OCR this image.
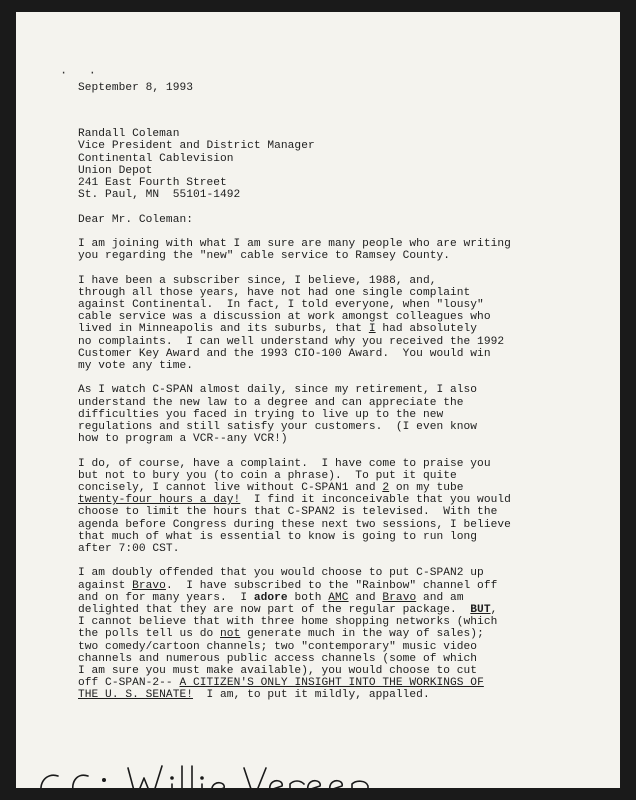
·   ·
September 8, 1993
Randall Coleman
Vice President and District Manager
Continental Cablevision
Union Depot
241 East Fourth Street
St. Paul, MN  55101-1492
Dear Mr. Coleman:
I am joining with what I am sure are many people who are writing
you regarding the "new" cable service to Ramsey County.
I have been a subscriber since, I believe, 1988, and,
through all those years, have not had one single complaint
against Continental.  In fact, I told everyone, when "lousy"
cable service was a discussion at work amongst colleagues who
lived in Minneapolis and its suburbs, that I had absolutely
no complaints.  I can well understand why you received the 1992
Customer Key Award and the 1993 CIO-100 Award.  You would win
my vote any time.
As I watch C-SPAN almost daily, since my retirement, I also
understand the new law to a degree and can appreciate the
difficulties you faced in trying to live up to the new
regulations and still satisfy your customers.  (I even know
how to program a VCR--any VCR!)
I do, of course, have a complaint.  I have come to praise you
but not to bury you (to coin a phrase).  To put it quite
concisely, I cannot live without C-SPAN1 and 2 on my tube
twenty-four hours a day!  I find it inconceivable that you would
choose to limit the hours that C-SPAN2 is televised.  With the
agenda before Congress during these next two sessions, I believe
that much of what is essential to know is going to run long
after 7:00 CST.
I am doubly offended that you would choose to put C-SPAN2 up
against Bravo.  I have subscribed to the "Rainbow" channel off
and on for many years.  I adore both AMC and Bravo and am
delighted that they are now part of the regular package.  BUT,
I cannot believe that with three home shopping networks (which
the polls tell us do not generate much in the way of sales);
two comedy/cartoon channels; two "contemporary" music video
channels and numerous public access channels (some of which
I am sure you must make available), you would choose to cut
off C-SPAN-2-- A CITIZEN'S ONLY INSIGHT INTO THE WORKINGS OF
THE U. S. SENATE!  I am, to put it mildly, appalled.
